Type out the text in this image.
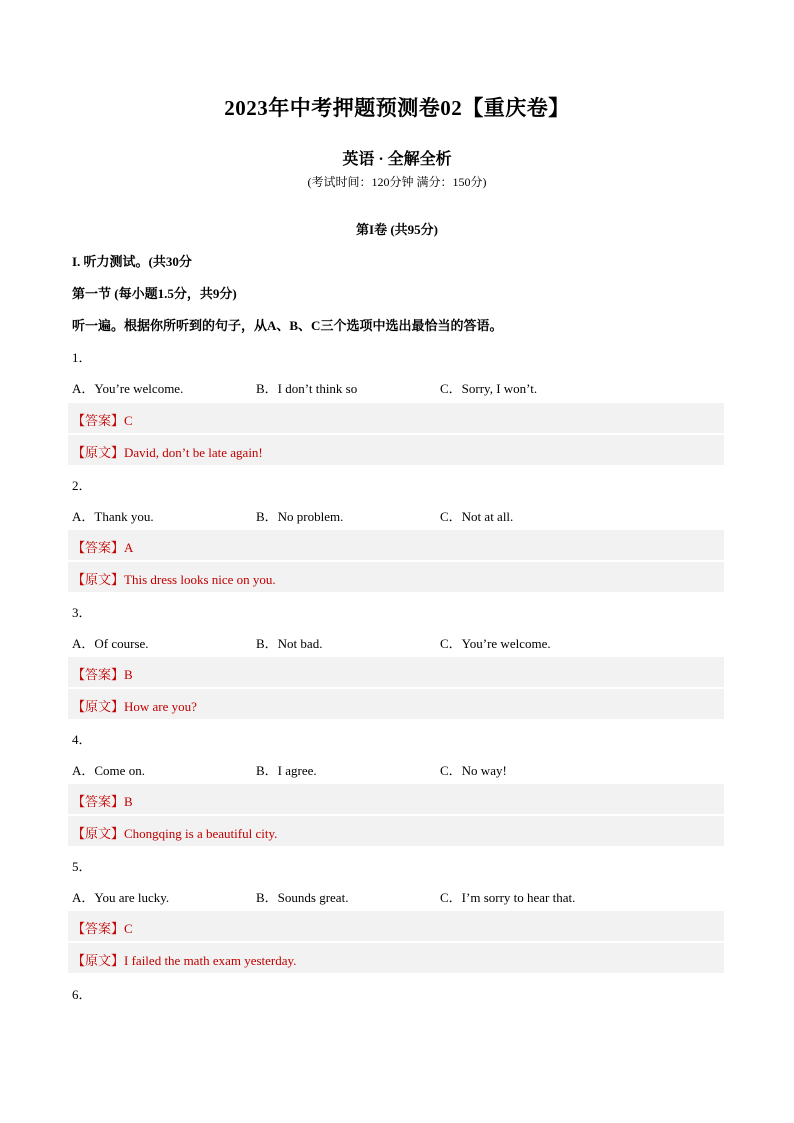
2023年中考押题预测卷02【重庆卷】
英语 · 全解全析
(考试时间：120分钟 满分：150分)
第I卷 (共95分)
I. 听力测试。(共30分
第一节 (每小题1.5分，共9分)
听一遍。根据你所听到的句子，从A、B、C三个选项中选出最恰当的答语。
1．
A．You’re welcome.	B．I don’t think so	C．Sorry, I won’t.
【答案】C
【原文】David, don’t be late again!
2．
A．Thank you.	B．No problem.	C．Not at all.
【答案】A
【原文】This dress looks nice on you.
3．
A．Of course.	B．Not bad.	C．You’re welcome.
【答案】B
【原文】How are you?
4．
A．Come on.	B．I agree.	C．No way!
【答案】B
【原文】Chongqing is a beautiful city.
5．
A．You are lucky.	B．Sounds great.	C．I’m sorry to hear that.
【答案】C
【原文】I failed the math exam yesterday.
6．
